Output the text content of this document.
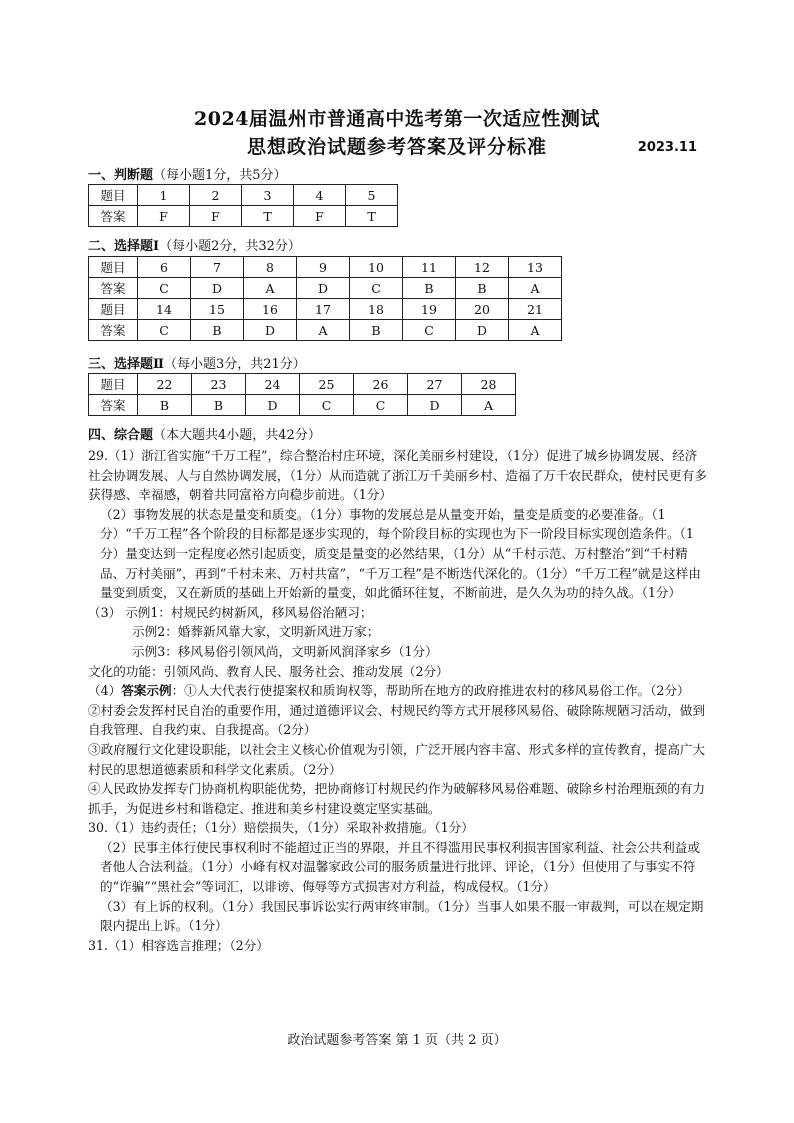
2024届温州市普通高中选考第一次适应性测试
思想政治试题参考答案及评分标准	2023.11
一、判断题（每小题1分，共5分）
题目	1	2	3	4	5
答案	F	F	T	F	T
二、选择题Ⅰ（每小题2分，共32分）
题目	6	7	8	9	10	11	12	13
答案	C	D	A	D	C	B	B	A
题目	14	15	16	17	18	19	20	21
答案	C	B	D	A	B	C	D	A
三、选择题Ⅱ（每小题3分，共21分）
题目	22	23	24	25	26	27	28
答案	B	B	D	C	C	D	A
四、综合题（本大题共4小题，共42分）

29.（1）浙江省实施“千万工程”，综合整治村庄环境，深化美丽乡村建设，（1分）促进了城乡协调发展、经济社会协调发展、人与自然协调发展，（1分）从而造就了浙江万千美丽乡村、造福了万千农民群众，使村民更有多获得感、幸福感，朝着共同富裕方向稳步前进。（1分）

（2）事物发展的状态是量变和质变。（1分）事物的发展总是从量变开始，量变是质变的必要准备。（1分）“千万工程”各个阶段的目标都是逐步实现的，每个阶段目标的实现也为下一阶段目标实现创造条件。（1分）量变达到一定程度必然引起质变，质变是量变的必然结果，（1分）从“千村示范、万村整治”到“千村精品、万村美丽”，再到“千村未来、万村共富”，“千万工程”是不断迭代深化的。（1分）“千万工程”就是这样由量变到质变，又在新质的基础上开始新的量变，如此循环往复，不断前进，是久久为功的持久战。（1分）

（3） 示例1：村规民约树新风，移风易俗治陋习；

示例2：婚葬新风靠大家，文明新风进万家；

示例3：移风易俗引领风尚，文明新风润泽家乡（1分）

文化的功能：引领风尚、教育人民、服务社会、推动发展（2分）

（4）答案示例：①人大代表行使提案权和质询权等，帮助所在地方的政府推进农村的移风易俗工作。（2分）

②村委会发挥村民自治的重要作用，通过道德评议会、村规民约等方式开展移风易俗、破除陈规陋习活动，做到自我管理、自我约束、自我提高。（2分）

③政府履行文化建设职能，以社会主义核心价值观为引领，广泛开展内容丰富、形式多样的宣传教育，提高广大村民的思想道德素质和科学文化素质。（2分）

④人民政协发挥专门协商机构职能优势，把协商修订村规民约作为破解移风易俗难题、破除乡村治理瓶颈的有力抓手，为促进乡村和谐稳定、推进和美乡村建设奠定坚实基础。

30.（1）违约责任；（1分）赔偿损失，（1分）采取补救措施。（1分）

（2）民事主体行使民事权利时不能超过正当的界限，并且不得滥用民事权利损害国家利益、社会公共利益或者他人合法利益。（1分）小峰有权对温馨家政公司的服务质量进行批评、评论，（1分）但使用了与事实不符的“诈骗”“黑社会”等词汇，以诽谤、侮辱等方式损害对方利益，构成侵权。（1分）

（3）有上诉的权利。（1分）我国民事诉讼实行两审终审制。（1分）当事人如果不服一审裁判，可以在规定期限内提出上诉。（1分）

31.（1）相容选言推理；（2分）

政治试题参考答案 第 1 页（共 2 页）
